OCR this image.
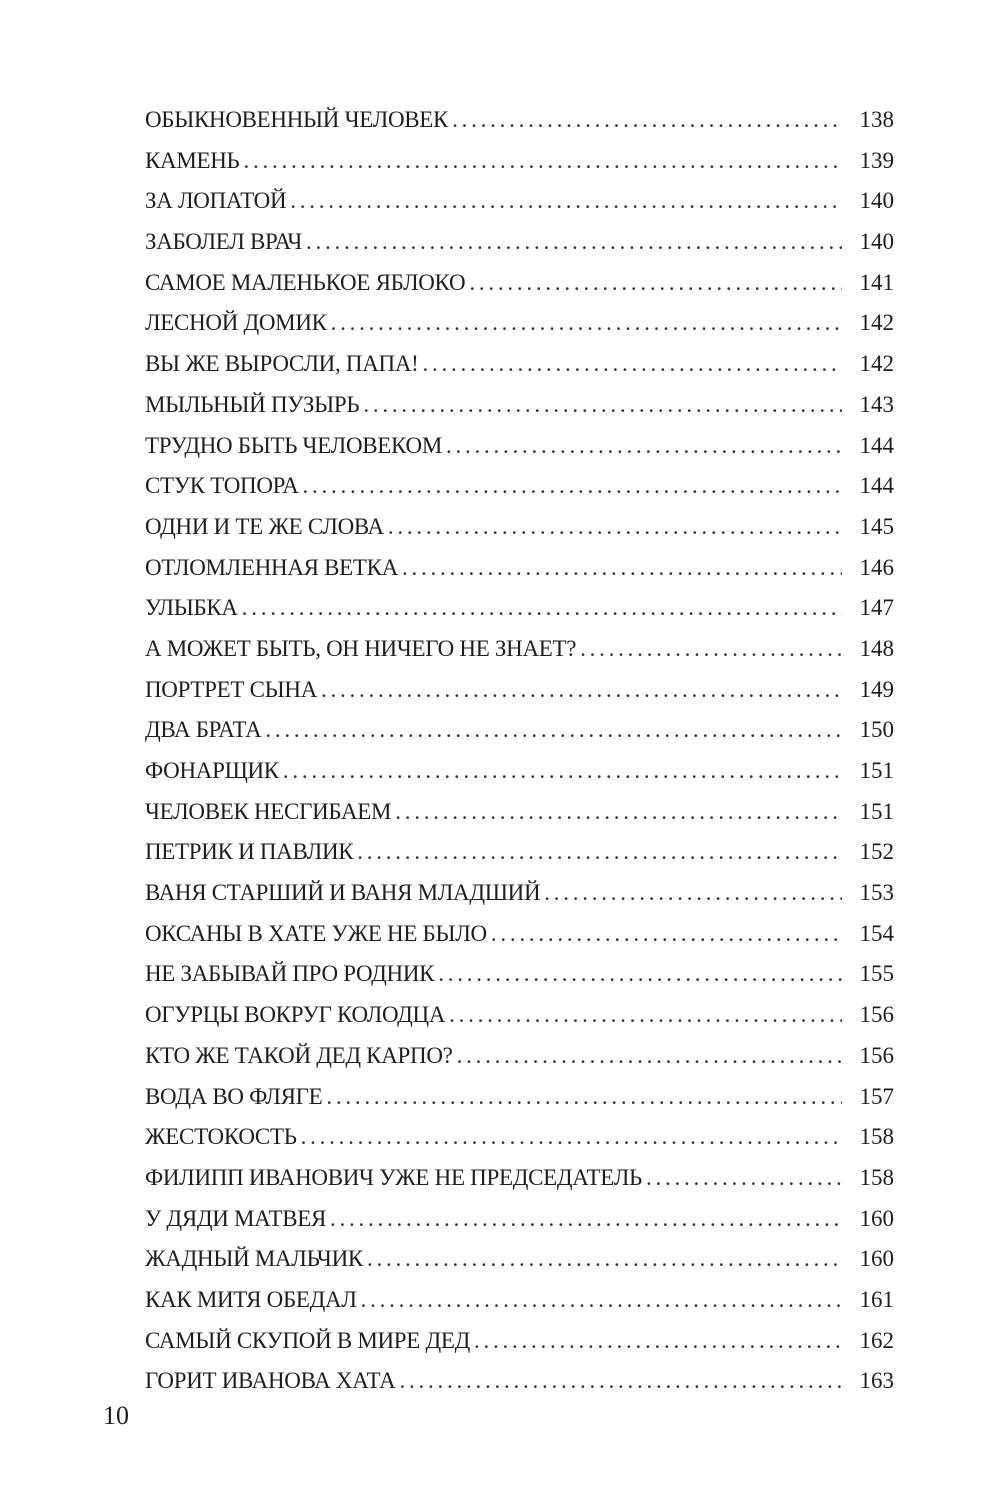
ОБЫКНОВЕННЫЙ ЧЕЛОВЕК . . .	138
КАМЕНЬ . . .	139
ЗА ЛОПАТОЙ . . .	140
ЗАБОЛЕЛ ВРАЧ . . .	140
САМОЕ МАЛЕНЬКОЕ ЯБЛОКО . . .	141
ЛЕСНОЙ ДОМИК . . .	142
ВЫ ЖЕ ВЫРОСЛИ, ПАПА! . . .	142
МЫЛЬНЫЙ ПУЗЫРЬ . . .	143
ТРУДНО БЫТЬ ЧЕЛОВЕКОМ . . .	144
СТУК ТОПОРА . . .	144
ОДНИ И ТЕ ЖЕ СЛОВА . . .	145
ОТЛОМЛЕННАЯ ВЕТКА . . .	146
УЛЫБКА . . .	147
А МОЖЕТ БЫТЬ, ОН НИЧЕГО НЕ ЗНАЕТ? . . .	148
ПОРТРЕТ СЫНА . . .	149
ДВА БРАТА . . .	150
ФОНАРЩИК . . .	151
ЧЕЛОВЕК НЕСГИБАЕМ . . .	151
ПЕТРИК И ПАВЛИК . . .	152
ВАНЯ СТАРШИЙ И ВАНЯ МЛАДШИЙ . . .	153
ОКСАНЫ В ХАТЕ УЖЕ НЕ БЫЛО . . .	154
НЕ ЗАБЫВАЙ ПРО РОДНИК . . .	155
ОГУРЦЫ ВОКРУГ КОЛОДЦА . . .	156
КТО ЖЕ ТАКОЙ ДЕД КАРПО? . . .	156
ВОДА ВО ФЛЯГЕ . . .	157
ЖЕСТОКОСТЬ . . .	158
ФИЛИПП ИВАНОВИЧ УЖЕ НЕ ПРЕДСЕДАТЕЛЬ . . .	158
У ДЯДИ МАТВЕЯ . . .	160
ЖАДНЫЙ МАЛЬЧИК . . .	160
КАК МИТЯ ОБЕДАЛ . . .	161
САМЫЙ СКУПОЙ В МИРЕ ДЕД . . .	162
ГОРИТ ИВАНОВА ХАТА . . .	163
10
